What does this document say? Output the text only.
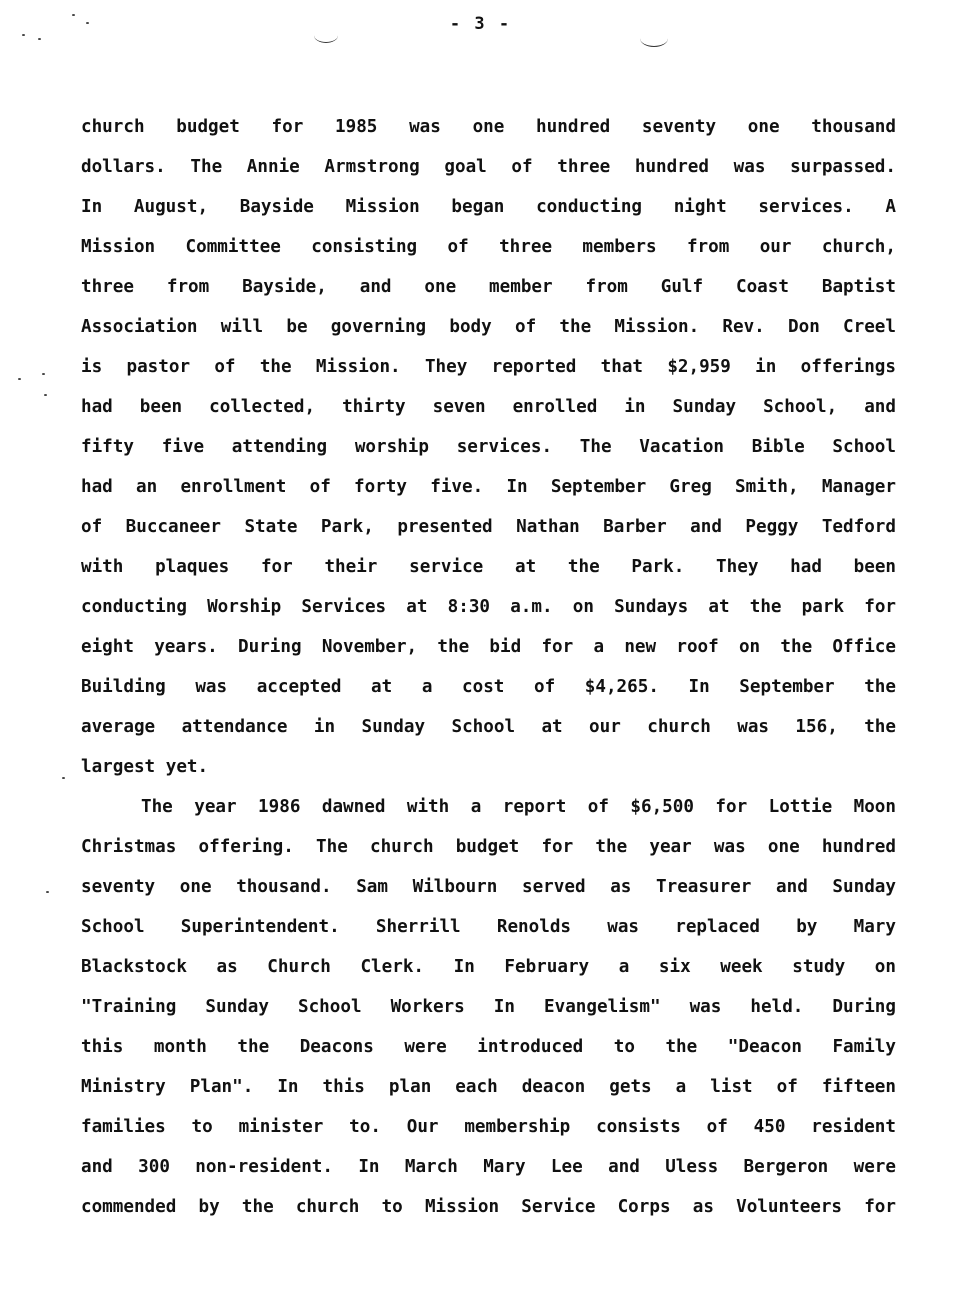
- 3 -
church budget for 1985 was one hundred seventy one thousand
dollars. The Annie Armstrong goal of three hundred was surpassed.
In August, Bayside Mission began conducting night services. A
Mission Committee consisting of three members from our church,
three from Bayside, and one member from Gulf Coast Baptist
Association will be governing body of the Mission. Rev. Don Creel
is pastor of the Mission. They reported that $2,959 in offerings
had been collected, thirty seven enrolled in Sunday School, and
fifty five attending worship services. The Vacation Bible School
had an enrollment of forty five. In September Greg Smith, Manager
of Buccaneer State Park, presented Nathan Barber and Peggy Tedford
with plaques for their service at the Park. They had been
conducting Worship Services at 8:30 a.m. on Sundays at the park for
eight years. During November, the bid for a new roof on the Office
Building was accepted at a cost of $4,265. In September the
average attendance in Sunday School at our church was 156, the
largest yet.
The year 1986 dawned with a report of $6,500 for Lottie Moon
Christmas offering. The church budget for the year was one hundred
seventy one thousand. Sam Wilbourn served as Treasurer and Sunday
School Superintendent. Sherrill Renolds was replaced by Mary
Blackstock as Church Clerk. In February a six week study on
"Training Sunday School Workers In Evangelism" was held. During
this month the Deacons were introduced to the "Deacon Family
Ministry Plan". In this plan each deacon gets a list of fifteen
families to minister to. Our membership consists of 450 resident
and 300 non-resident. In March Mary Lee and Uless Bergeron were
commended by the church to Mission Service Corps as Volunteers for
